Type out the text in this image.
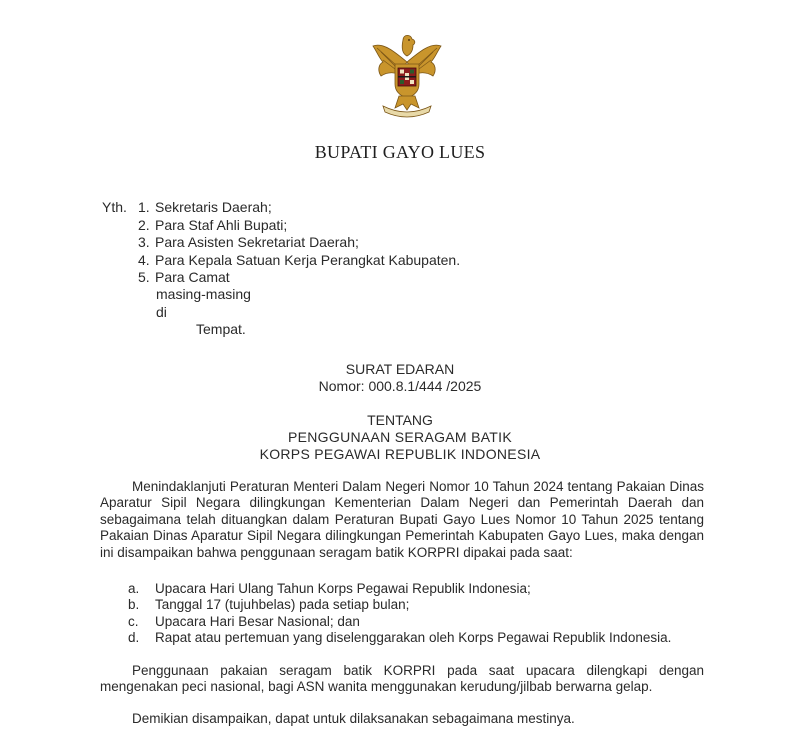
BUPATI GAYO LUES
Yth. 1. Sekretaris Daerah;
2. Para Staf Ahli Bupati;
3. Para Asisten Sekretariat Daerah;
4. Para Kepala Satuan Kerja Perangkat Kabupaten.
5. Para Camat
masing-masing
di
Tempat.
SURAT EDARAN
Nomor: 000.8.1/444 /2025
TENTANG
PENGGUNAAN SERAGAM BATIK
KORPS PEGAWAI REPUBLIK INDONESIA
Menindaklanjuti Peraturan Menteri Dalam Negeri Nomor 10 Tahun 2024 tentang Pakaian Dinas Aparatur Sipil Negara dilingkungan Kementerian Dalam Negeri dan Pemerintah Daerah dan sebagaimana telah dituangkan dalam Peraturan Bupati Gayo Lues Nomor 10 Tahun 2025 tentang Pakaian Dinas Aparatur Sipil Negara dilingkungan Pemerintah Kabupaten Gayo Lues, maka dengan ini disampaikan bahwa penggunaan seragam batik KORPRI dipakai pada saat:
a.	Upacara Hari Ulang Tahun Korps Pegawai Republik Indonesia;
b.	Tanggal 17 (tujuhbelas) pada setiap bulan;
c.	Upacara Hari Besar Nasional; dan
d.	Rapat atau pertemuan yang diselenggarakan oleh Korps Pegawai Republik Indonesia.
Penggunaan pakaian seragam batik KORPRI pada saat upacara dilengkapi dengan mengenakan peci nasional, bagi ASN wanita menggunakan kerudung/jilbab berwarna gelap.
Demikian disampaikan, dapat untuk dilaksanakan sebagaimana mestinya.
